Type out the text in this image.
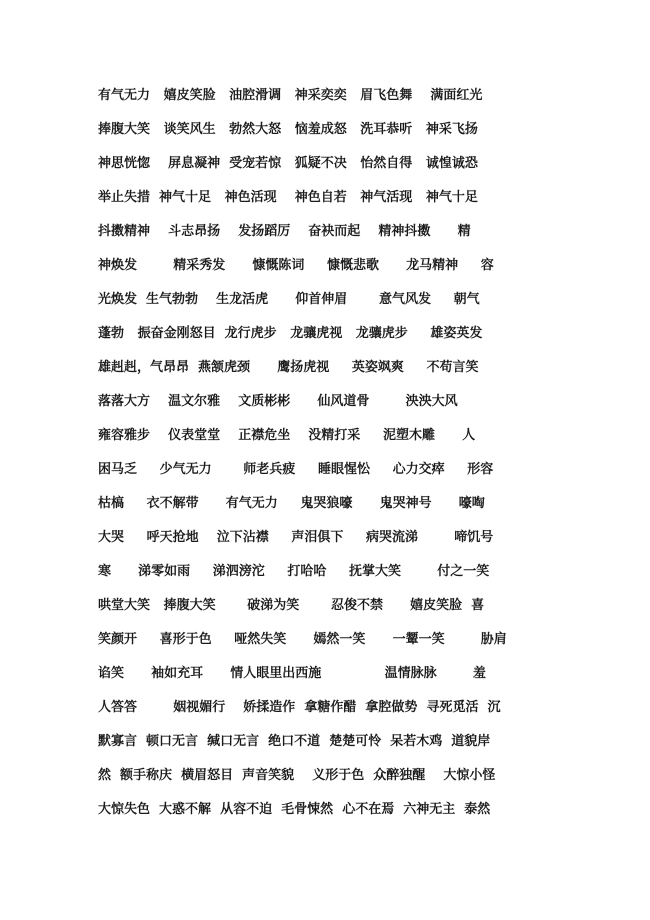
有气无力   嬉皮笑脸   油腔滑调   神采奕奕   眉飞色舞    满面红光
捧腹大笑   谈笑风生   勃然大怒   恼羞成怒   洗耳恭听   神采飞扬
神思恍惚    屏息凝神  受宠若惊   狐疑不决   怡然自得   诚惶诚恐
举止失措  神气十足   神色活现    神色自若   神气活现   神气十足
抖擞精神    斗志昂扬    发扬蹈厉    奋袂而起    精神抖擞      精
神焕发        精采秀发      慷慨陈词     慷慨悲歌      龙马精神     容
光焕发  生气勃勃    生龙活虎      仰首伸眉       意气风发     朝气
蓬勃   振奋金刚怒目  龙行虎步   龙骧虎视   龙骧虎步     雄姿英发
雄赳赳，气昂昂  燕颔虎颈      鹰扬虎视     英姿飒爽     不苟言笑
落落大方    温文尔雅    文质彬彬      仙风道骨        泱泱大风
雍容雅步    仪表堂堂    正襟危坐    没精打采     泥塑木雕      人
困马乏     少气无力       师老兵疲     睡眼惺忪     心力交瘁     形容
枯槁     衣不解带      有气无力     鬼哭狼嚎      鬼哭神号      嚎啕
大哭     呼天抢地    泣下沾襟     声泪俱下     病哭流涕        啼饥号
寒      涕零如雨     涕泗滂沱     打哈哈     抚掌大笑        付之一笑
哄堂大笑   捧腹大笑       破涕为笑       忍俊不禁      嬉皮笑脸  喜
笑颜开     喜形于色     哑然失笑      嫣然一笑      一颦一笑        胁肩
谄笑      袖如充耳      情人眼里出西施              温情脉脉        羞
人答答        姻视媚行    娇揉造作  拿糖作醋  拿腔做势  寻死觅活  沉
默寡言  顿口无言  缄口无言  绝口不道  楚楚可怜  呆若木鸡  道貌岸
然  额手称庆  横眉怒目  声音笑貌    义形于色  众醉独醒    大惊小怪
大惊失色  大惑不解  从容不迫  毛骨悚然  心不在焉  六神无主  泰然
